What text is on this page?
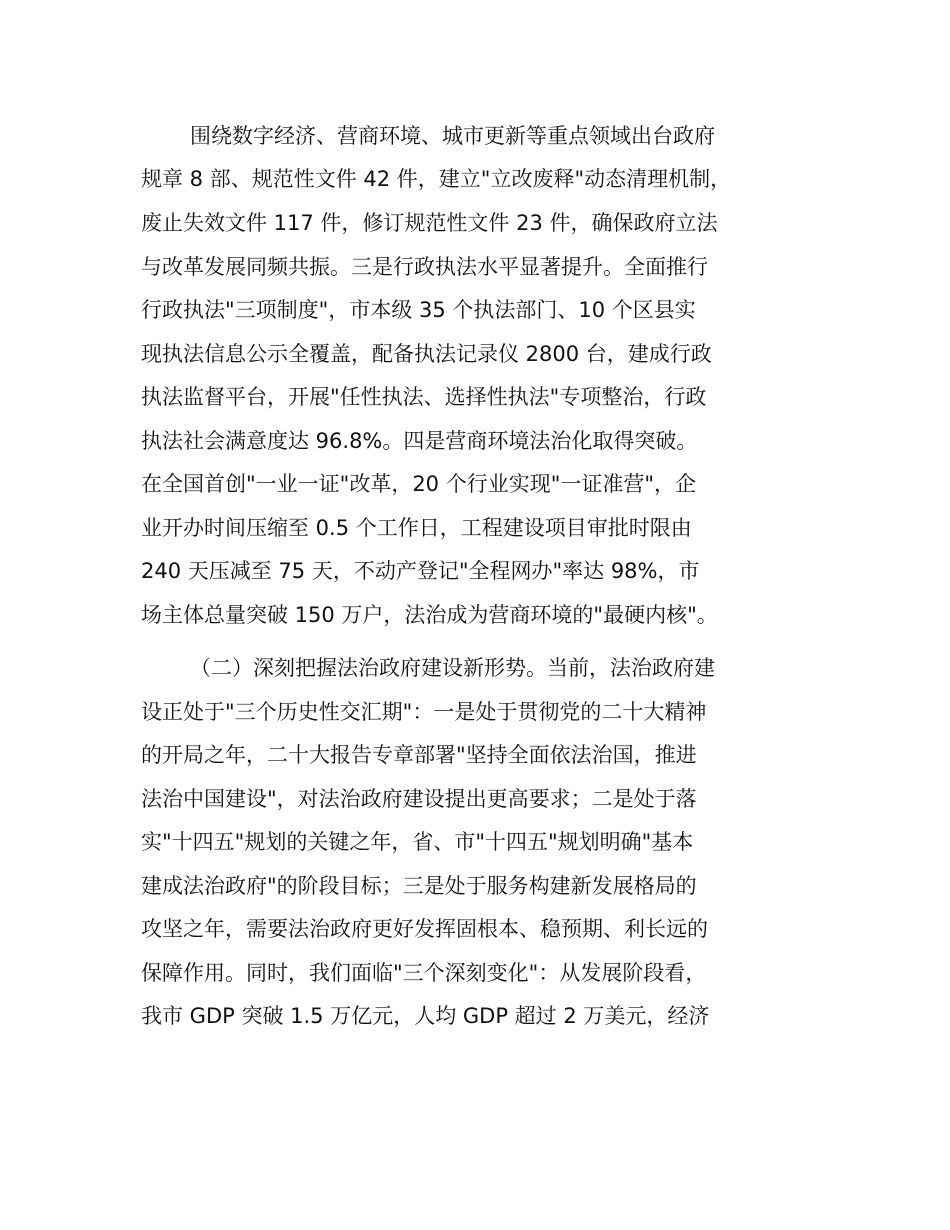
围绕数字经济、营商环境、城市更新等重点领域出台政府
规章 8 部、规范性文件 42 件，建立"立改废释"动态清理机制，
废止失效文件 117 件，修订规范性文件 23 件，确保政府立法
与改革发展同频共振。三是行政执法水平显著提升。全面推行
行政执法"三项制度"，市本级 35 个执法部门、10 个区县实
现执法信息公示全覆盖，配备执法记录仪 2800 台，建成行政
执法监督平台，开展"任性执法、选择性执法"专项整治，行政
执法社会满意度达 96.8%。四是营商环境法治化取得突破。
在全国首创"一业一证"改革，20 个行业实现"一证准营"，企
业开办时间压缩至 0.5 个工作日，工程建设项目审批时限由
240 天压减至 75 天，不动产登记"全程网办"率达 98%，市
场主体总量突破 150 万户，法治成为营商环境的"最硬内核"。
（二）深刻把握法治政府建设新形势。当前，法治政府建
设正处于"三个历史性交汇期"：一是处于贯彻党的二十大精神
的开局之年，二十大报告专章部署"坚持全面依法治国，推进
法治中国建设"，对法治政府建设提出更高要求；二是处于落
实"十四五"规划的关键之年，省、市"十四五"规划明确"基本
建成法治政府"的阶段目标；三是处于服务构建新发展格局的
攻坚之年，需要法治政府更好发挥固根本、稳预期、利长远的
保障作用。同时，我们面临"三个深刻变化"：从发展阶段看，
我市 GDP 突破 1.5 万亿元，人均 GDP 超过 2 万美元，经济
